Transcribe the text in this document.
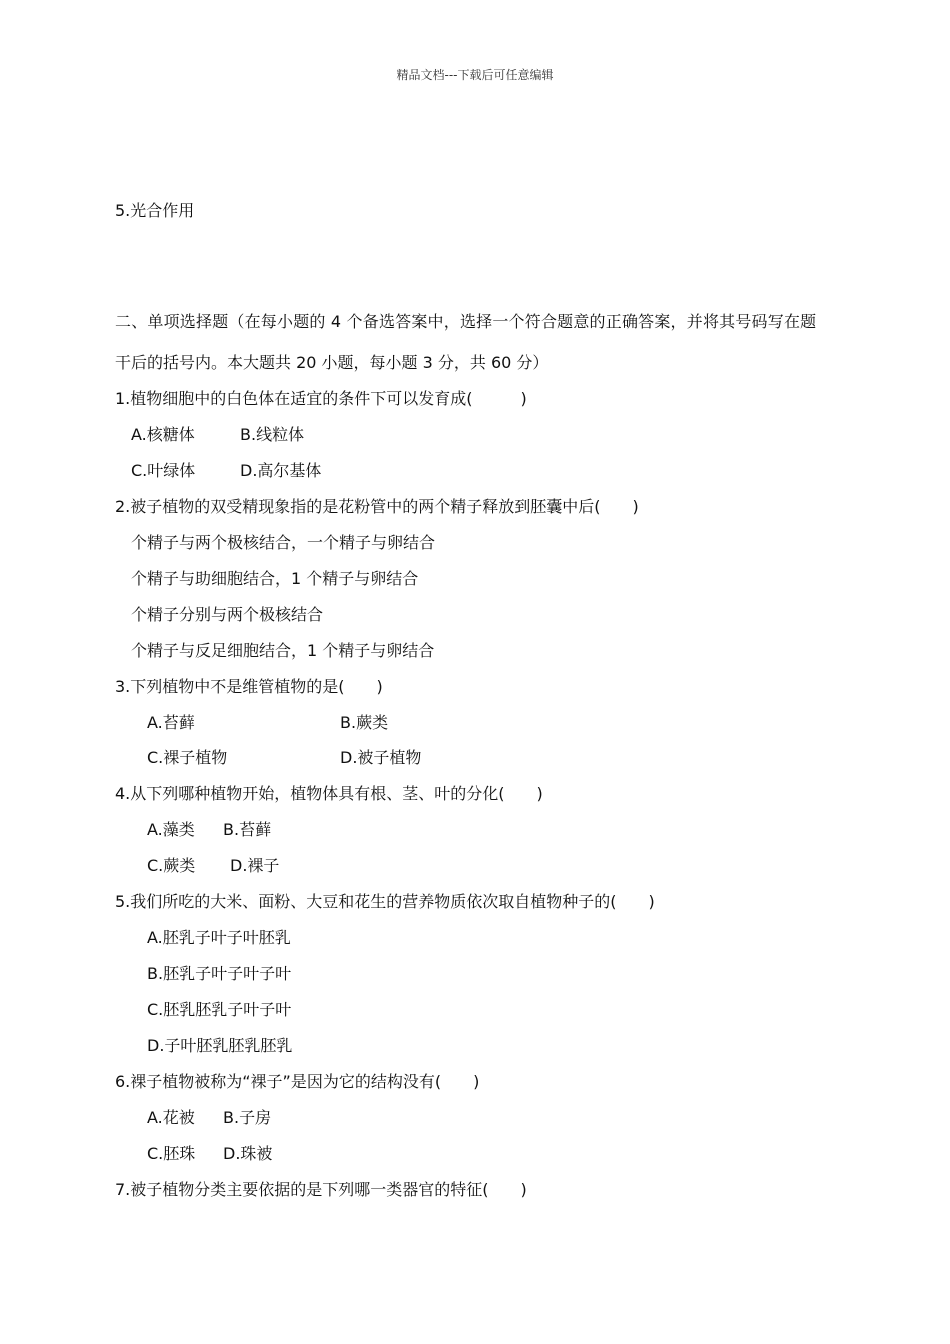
精品文档---下载后可任意编辑
5.光合作用
二、单项选择题（在每小题的 4 个备选答案中，选择一个符合题意的正确答案，并将其号码写在题
干后的括号内。本大题共 20 小题，每小题 3 分，共 60 分）
1.植物细胞中的白色体在适宜的条件下可以发育成(　　　)
A.核糖体	B.线粒体
C.叶绿体	D.高尔基体
2.被子植物的双受精现象指的是花粉管中的两个精子释放到胚囊中后(　　)
个精子与两个极核结合，一个精子与卵结合
个精子与助细胞结合，1 个精子与卵结合
个精子分别与两个极核结合
个精子与反足细胞结合，1 个精子与卵结合
3.下列植物中不是维管植物的是(　　)
A.苔藓	B.蕨类
C.裸子植物	D.被子植物
4.从下列哪种植物开始，植物体具有根、茎、叶的分化(　　)
A.藻类 B.苔藓
C.蕨类 D.裸子
5.我们所吃的大米、面粉、大豆和花生的营养物质依次取自植物种子的(　　)
A.胚乳子叶子叶胚乳
B.胚乳子叶子叶子叶
C.胚乳胚乳子叶子叶
D.子叶胚乳胚乳胚乳
6.裸子植物被称为“裸子”是因为它的结构没有(　　)
A.花被 B.子房
C.胚珠 D.珠被
7.被子植物分类主要依据的是下列哪一类器官的特征(　　)
